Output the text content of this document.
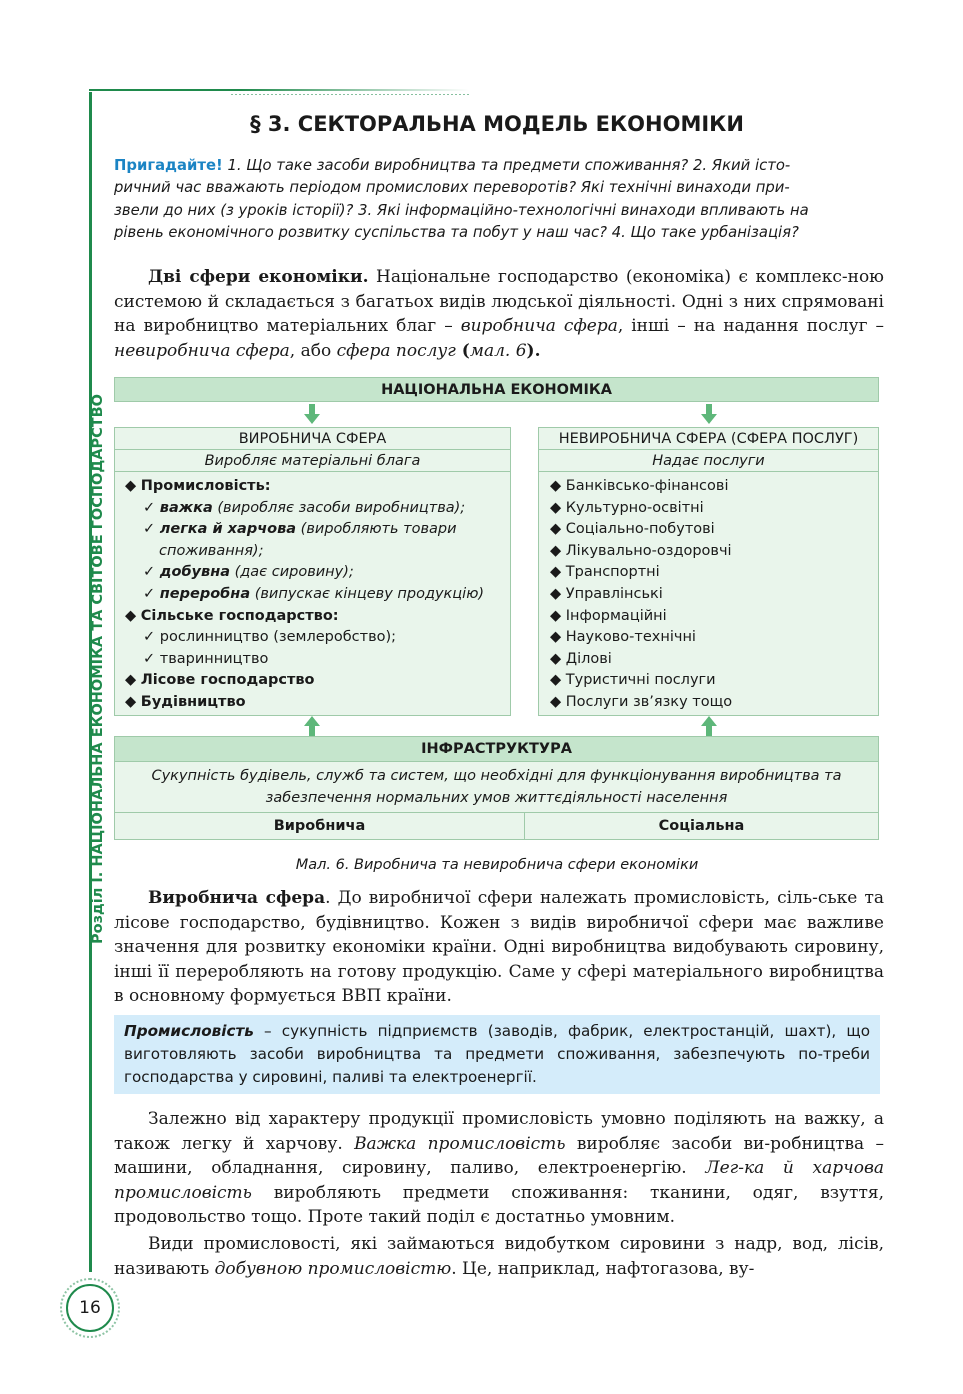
Розділ І. НАЦІОНАЛЬНА ЕКОНОМІКА ТА СВІТОВЕ ГОСПОДАРСТВО
16
§ 3. СЕКТОРАЛЬНА МОДЕЛЬ ЕКОНОМІКИ
Пригадайте! 1. Що таке засоби виробництва та предмети споживання? 2. Який істо-
ричний час вважають періодом промислових переворотів? Які технічні винаходи при-
звели до них (з уроків історії)? 3. Які інформаційно-технологічні винаходи впливають на
рівень економічного розвитку суспільства та побут у наш час? 4. Що таке урбанізація?
Дві сфери економіки. Національне господарство (економіка) є комплекс-ною системою й складається з багатьох видів людської діяльності. Одні з них спрямовані на виробництво матеріальних благ – виробнича сфера, інші – на надання послуг – невиробнича сфера, або сфера послуг (мал. 6).
НАЦІОНАЛЬНА ЕКОНОМІКА
ВИРОБНИЧА СФЕРА
Виробляє матеріальні блага
◆ Промисловість:
✓ важка (виробляє засоби виробництва);
✓ легка й харчова (виробляють товари
споживання);
✓ добувна (дає сировину);
✓ переробна (випускає кінцеву продукцію)
◆ Сільське господарство:
✓ рослинництво (землеробство);
✓ тваринництво
◆ Лісове господарство
◆ Будівництво
НЕВИРОБНИЧА СФЕРА (СФЕРА ПОСЛУГ)
Надає послуги
◆ Банківсько-фінансові
◆ Культурно-освітні
◆ Соціально-побутові
◆ Лікувально-оздоровчі
◆ Транспортні
◆ Управлінські
◆ Інформаційні
◆ Науково-технічні
◆ Ділові
◆ Туристичні послуги
◆ Послуги зв’язку тощо
ІНФРАСТРУКТУРА
Сукупність будівель, служб та систем, що необхідні для функціонування виробництва та
забезпечення нормальних умов життєдіяльності населення
Виробнича	Соціальна
Мал. 6. Виробнича та невиробнича сфери економіки
Виробнича сфера. До виробничої сфери належать промисловість, сіль-ське та лісове господарство, будівництво. Кожен з видів виробничої сфери має важливе значення для розвитку економіки країни. Одні виробництва видобувають сировину, інші її переробляють на готову продукцію. Саме у сфері матеріального виробництва в основному формується ВВП країни.
Промисловість – сукупність підприємств (заводів, фабрик, електростанцій, шахт), що виготовляють засоби виробництва та предмети споживання, забезпечують по-треби господарства у сировині, паливі та електроенергії.
Залежно від характеру продукції промисловість умовно поділяють на важку, а також легку й харчову. Важка промисловість виробляє засоби ви-робництва – машини, обладнання, сировину, паливо, електроенергію. Лег-ка й харчова промисловість виробляють предмети споживання: тканини, одяг, взуття, продовольство тощо. Проте такий поділ є достатньо умовним.
Види промисловості, які займаються видобутком сировини з надр, вод, лісів, називають добувною промисловістю. Це, наприклад, нафтогазова, ву-
